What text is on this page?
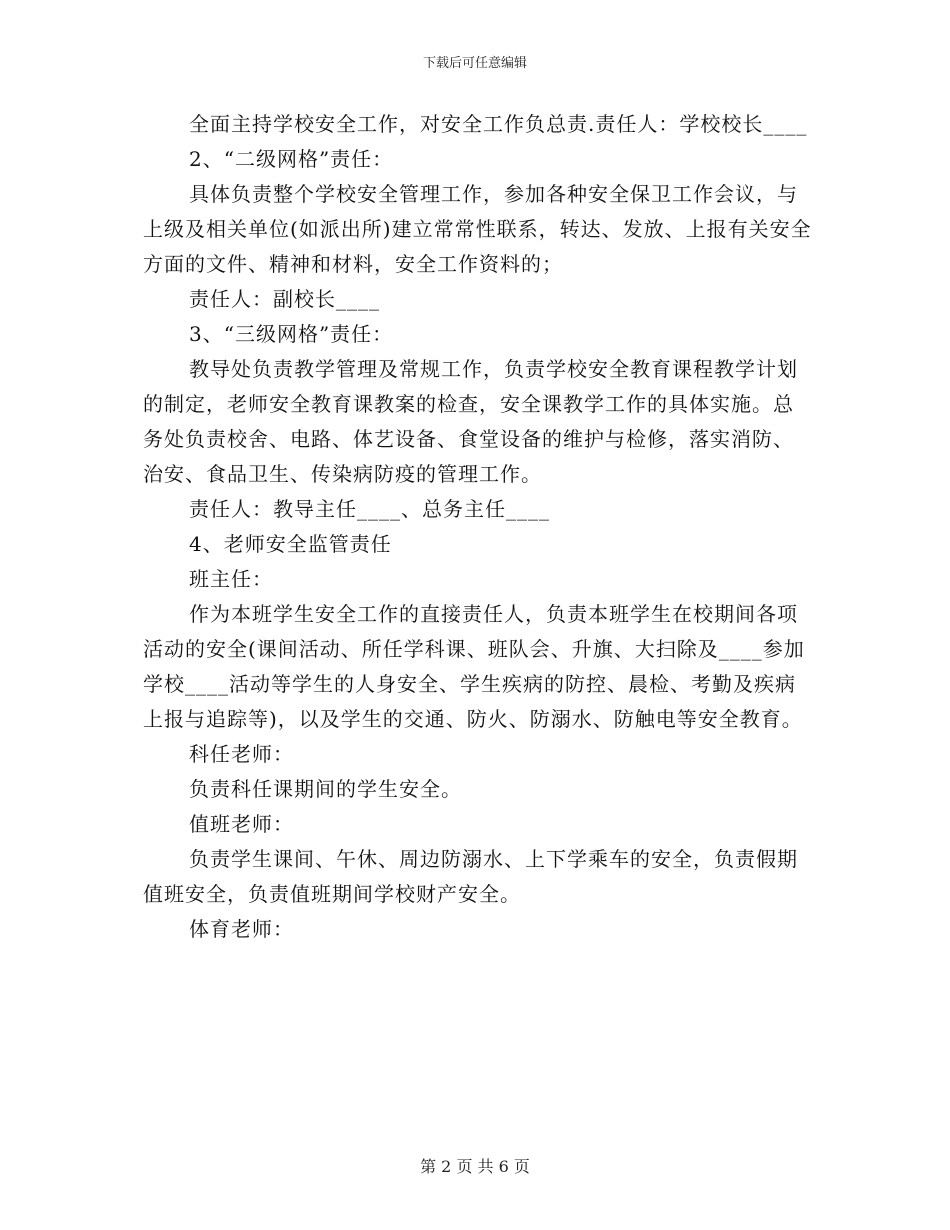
下载后可任意编辑

全面主持学校安全工作，对安全工作负总责.责任人：学校校长____

2、“二级网格”责任：

具体负责整个学校安全管理工作，参加各种安全保卫工作会议，与上级及相关单位(如派出所)建立常常性联系，转达、发放、上报有关安全方面的文件、精神和材料，安全工作资料的；

责任人：副校长____

3、“三级网格”责任：

教导处负责教学管理及常规工作，负责学校安全教育课程教学计划的制定，老师安全教育课教案的检查，安全课教学工作的具体实施。总务处负责校舍、电路、体艺设备、食堂设备的维护与检修，落实消防、治安、食品卫生、传染病防疫的管理工作。

责任人：教导主任____、总务主任____

4、老师安全监管责任

班主任：

作为本班学生安全工作的直接责任人，负责本班学生在校期间各项活动的安全(课间活动、所任学科课、班队会、升旗、大扫除及____参加学校____活动等学生的人身安全、学生疾病的防控、晨检、考勤及疾病上报与追踪等)，以及学生的交通、防火、防溺水、防触电等安全教育。

科任老师：

负责科任课期间的学生安全。

值班老师：

负责学生课间、午休、周边防溺水、上下学乘车的安全，负责假期值班安全，负责值班期间学校财产安全。

体育老师：

第 2 页 共 6 页
